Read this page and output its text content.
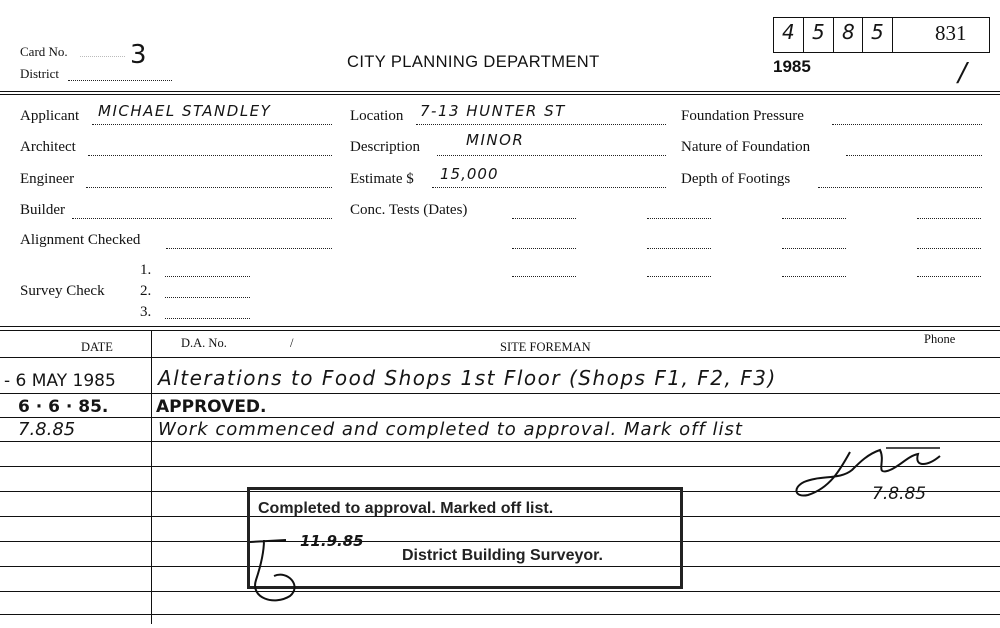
Card No. 3
District
CITY PLANNING DEPARTMENT	1985
4 5 8 5 831
/
Applicant MICHAEL STANDLEY
Architect
Engineer
Builder
Alignment Checked
Survey Check
1.
2.
3.
Location 7-13 HUNTER ST
Description	MINOR
Estimate $ 15,000
Conc. Tests (Dates)
Foundation Pressure
Nature of Foundation
Depth of Footings
DATE	D.A. No.	/	SITE FOREMAN
Phone
- 6 MAY 1985 Alterations to Food Shops 1st Floor (Shops F1, F2, F3)
6 · 6 · 85.	APPROVED.
7.8.85	Work commenced and completed to approval. Mark off list
7.8.85
Completed to approval. Marked off list.
District Building Surveyor.
11.9.85
